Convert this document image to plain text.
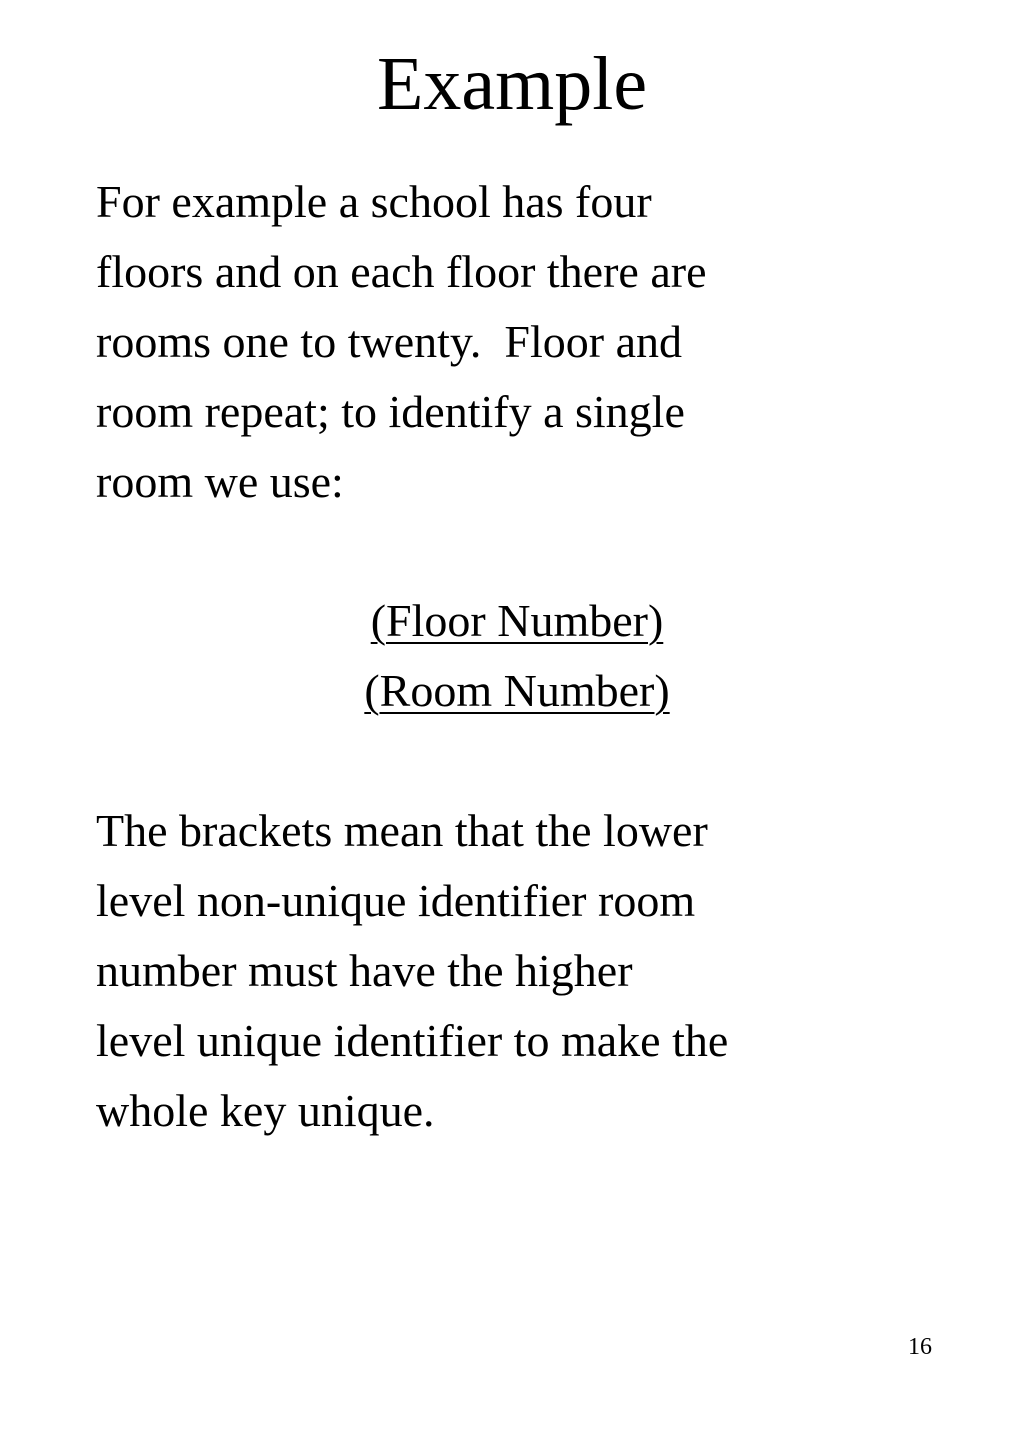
Example
For example a school has four
floors and on each floor there are
rooms one to twenty.  Floor and
room repeat; to identify a single
room we use:
(Floor Number)
(Room Number)
The brackets mean that the lower
level non-unique identifier room
number must have the higher
level unique identifier to make the
whole key unique.
16
